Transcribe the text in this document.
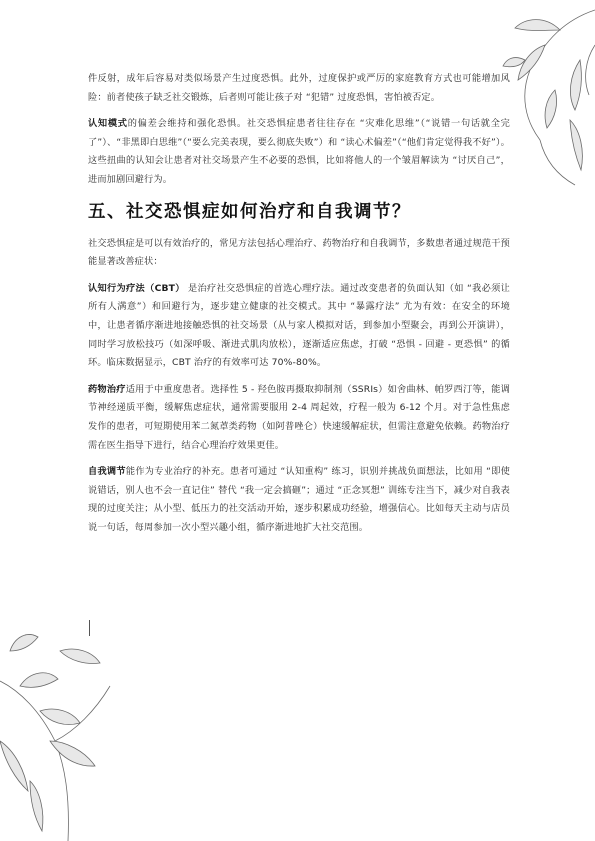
件反射，成年后容易对类似场景产生过度恐惧。此外，过度保护或严厉的家庭教育方式也可能增加风险：前者使孩子缺乏社交锻炼，后者则可能让孩子对 “犯错” 过度恐惧，害怕被否定。

认知模式的偏差会维持和强化恐惧。社交恐惧症患者往往存在 “灾难化思维”（“说错一句话就全完了”）、“非黑即白思维”（“要么完美表现，要么彻底失败”）和 “读心术偏差”（“他们肯定觉得我不好”）。这些扭曲的认知会让患者对社交场景产生不必要的恐惧，比如将他人的一个皱眉解读为 “讨厌自己”，进而加剧回避行为。

五、社交恐惧症如何治疗和自我调节？

社交恐惧症是可以有效治疗的，常见方法包括心理治疗、药物治疗和自我调节，多数患者通过规范干预能显著改善症状：

认知行为疗法（CBT） 是治疗社交恐惧症的首选心理疗法。通过改变患者的负面认知（如 “我必须让所有人满意”）和回避行为，逐步建立健康的社交模式。其中 “暴露疗法” 尤为有效：在安全的环境中，让患者循序渐进地接触恐惧的社交场景（从与家人模拟对话，到参加小型聚会，再到公开演讲），同时学习放松技巧（如深呼吸、渐进式肌肉放松），逐渐适应焦虑，打破 “恐惧 - 回避 - 更恐惧” 的循环。临床数据显示，CBT 治疗的有效率可达 70%-80%。

药物治疗适用于中重度患者。选择性 5 - 羟色胺再摄取抑制剂（SSRIs）如舍曲林、帕罗西汀等，能调节神经递质平衡，缓解焦虑症状，通常需要服用 2-4 周起效，疗程一般为 6-12 个月。对于急性焦虑发作的患者，可短期使用苯二氮䓬类药物（如阿普唑仑）快速缓解症状，但需注意避免依赖。药物治疗需在医生指导下进行，结合心理治疗效果更佳。

自我调节能作为专业治疗的补充。患者可通过 “认知重构” 练习，识别并挑战负面想法，比如用 “即使说错话，别人也不会一直记住” 替代 “我一定会搞砸”；通过 “正念冥想” 训练专注当下，减少对自我表现的过度关注；从小型、低压力的社交活动开始，逐步积累成功经验，增强信心。比如每天主动与店员说一句话，每周参加一次小型兴趣小组，循序渐进地扩大社交范围。
